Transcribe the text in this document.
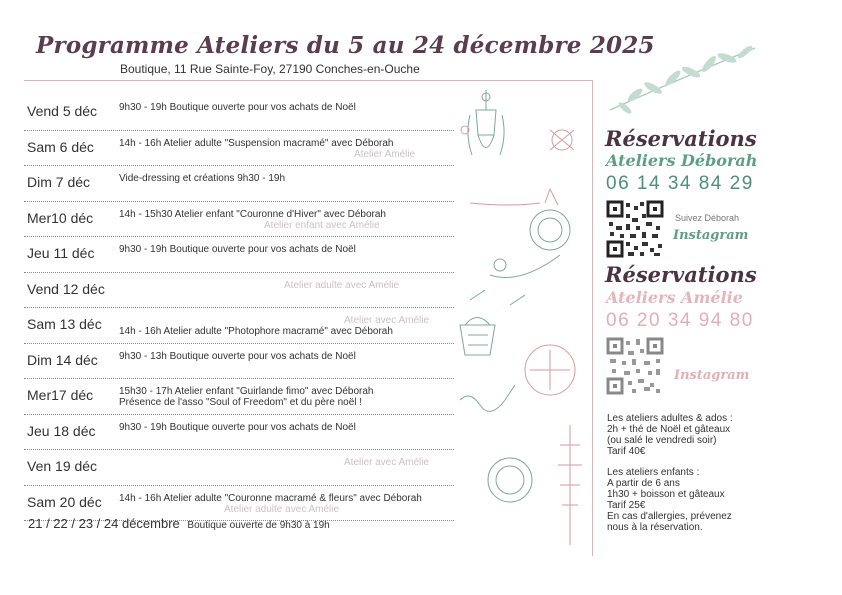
Programme Ateliers du 5 au 24 décembre 2025
Boutique, 11 Rue Sainte-Foy, 27190 Conches-en-Ouche
Vend 5 déc 9h30 - 19h Boutique ouverte pour vos achats de Noël
Sam 6 déc	14h - 16h Atelier adulte "Suspension macramé" avec Déborah
Atelier Amélie
Dim 7 déc	Vide-dressing et créations 9h30 - 19h
Mer10 déc	14h - 15h30 Atelier enfant "Couronne d'Hiver" avec Déborah
Atelier enfant avec Amélie
Jeu 11 déc 9h30 - 19h Boutique ouverte pour vos achats de Noël
Vend 12 déc	Atelier adulte avec Amélie
Sam 13 déc	Atelier avec Amélie
14h - 16h Atelier adulte "Photophore macramé" avec Déborah
Dim 14 déc 9h30 - 13h Boutique ouverte pour vos achats de Noël
Mer17 déc	15h30 - 17h Atelier enfant "Guirlande fimo" avec Déborah
Présence de l'asso "Soul of Freedom" et du père noël !
Jeu 18 déc 9h30 - 19h Boutique ouverte pour vos achats de Noël
Ven 19 déc	Atelier avec Amélie
Sam 20 déc 14h - 16h Atelier adulte "Couronne macramé & fleurs" avec Déborah
Atelier adulte avec Amélie
21 / 22 / 23 / 24 décembre Boutique ouverte de 9h30 à 19h
Réservations
Ateliers Déborah
06 14 34 84 29
Suivez Déborah
Instagram
Réservations
Ateliers Amélie
06 20 34 94 80
Instagram
Les ateliers adultes & ados :
2h + thé de Noël et gâteaux
(ou salé le vendredi soir)
Tarif 40€
Les ateliers enfants :
A partir de 6 ans
1h30 + boisson et gâteaux
Tarif 25€
En cas d'allergies, prévenez
nous à la réservation.
